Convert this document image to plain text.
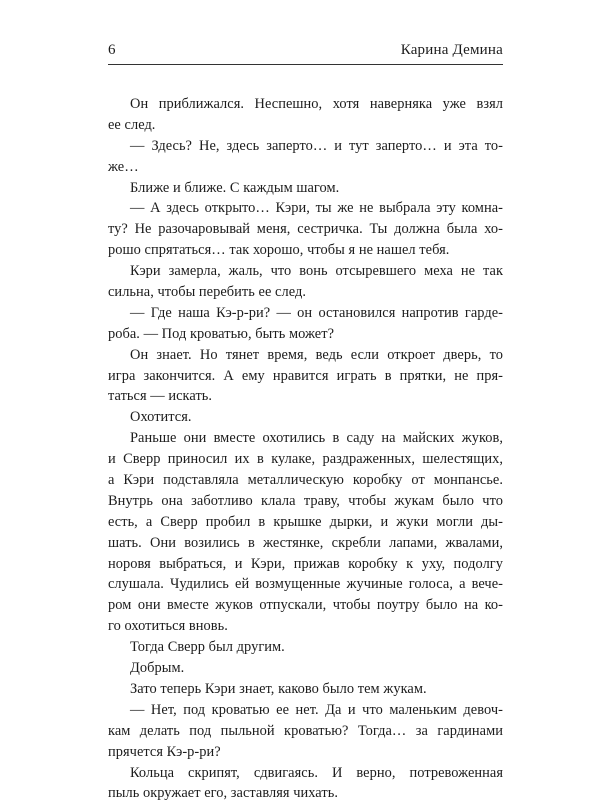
6	Карина Демина
Он приближался. Неспешно, хотя наверняка уже взял
ее след.
— Здесь? Не, здесь заперто… и тут заперто… и эта то-
же…
Ближе и ближе. С каждым шагом.
— А здесь открыто… Кэри, ты же не выбрала эту комна-
ту? Не разочаровывай меня, сестричка. Ты должна была хо-
рошо спрятаться… так хорошо, чтобы я не нашел тебя.
Кэри замерла, жаль, что вонь отсыревшего меха не так
сильна, чтобы перебить ее след.
— Где наша Кэ-р-ри? — он остановился напротив гарде-
роба. — Под кроватью, быть может?
Он знает. Но тянет время, ведь если откроет дверь, то
игра закончится. А ему нравится играть в прятки, не пря-
таться — искать.
Охотится.
Раньше они вместе охотились в саду на майских жуков,
и Сверр приносил их в кулаке, раздраженных, шелестящих,
а Кэри подставляла металлическую коробку от монпансье.
Внутрь она заботливо клала траву, чтобы жукам было что
есть, а Сверр пробил в крышке дырки, и жуки могли ды-
шать. Они возились в жестянке, скребли лапами, жвалами,
норовя выбраться, и Кэри, прижав коробку к уху, подолгу
слушала. Чудились ей возмущенные жучиные голоса, а вече-
ром они вместе жуков отпускали, чтобы поутру было на ко-
го охотиться вновь.
Тогда Сверр был другим.
Добрым.
Зато теперь Кэри знает, каково было тем жукам.
— Нет, под кроватью ее нет. Да и что маленьким девоч-
кам делать под пыльной кроватью? Тогда… за гардинами
прячется Кэ-р-ри?
Кольца скрипят, сдвигаясь. И верно, потревоженная
пыль окружает его, заставляя чихать.
